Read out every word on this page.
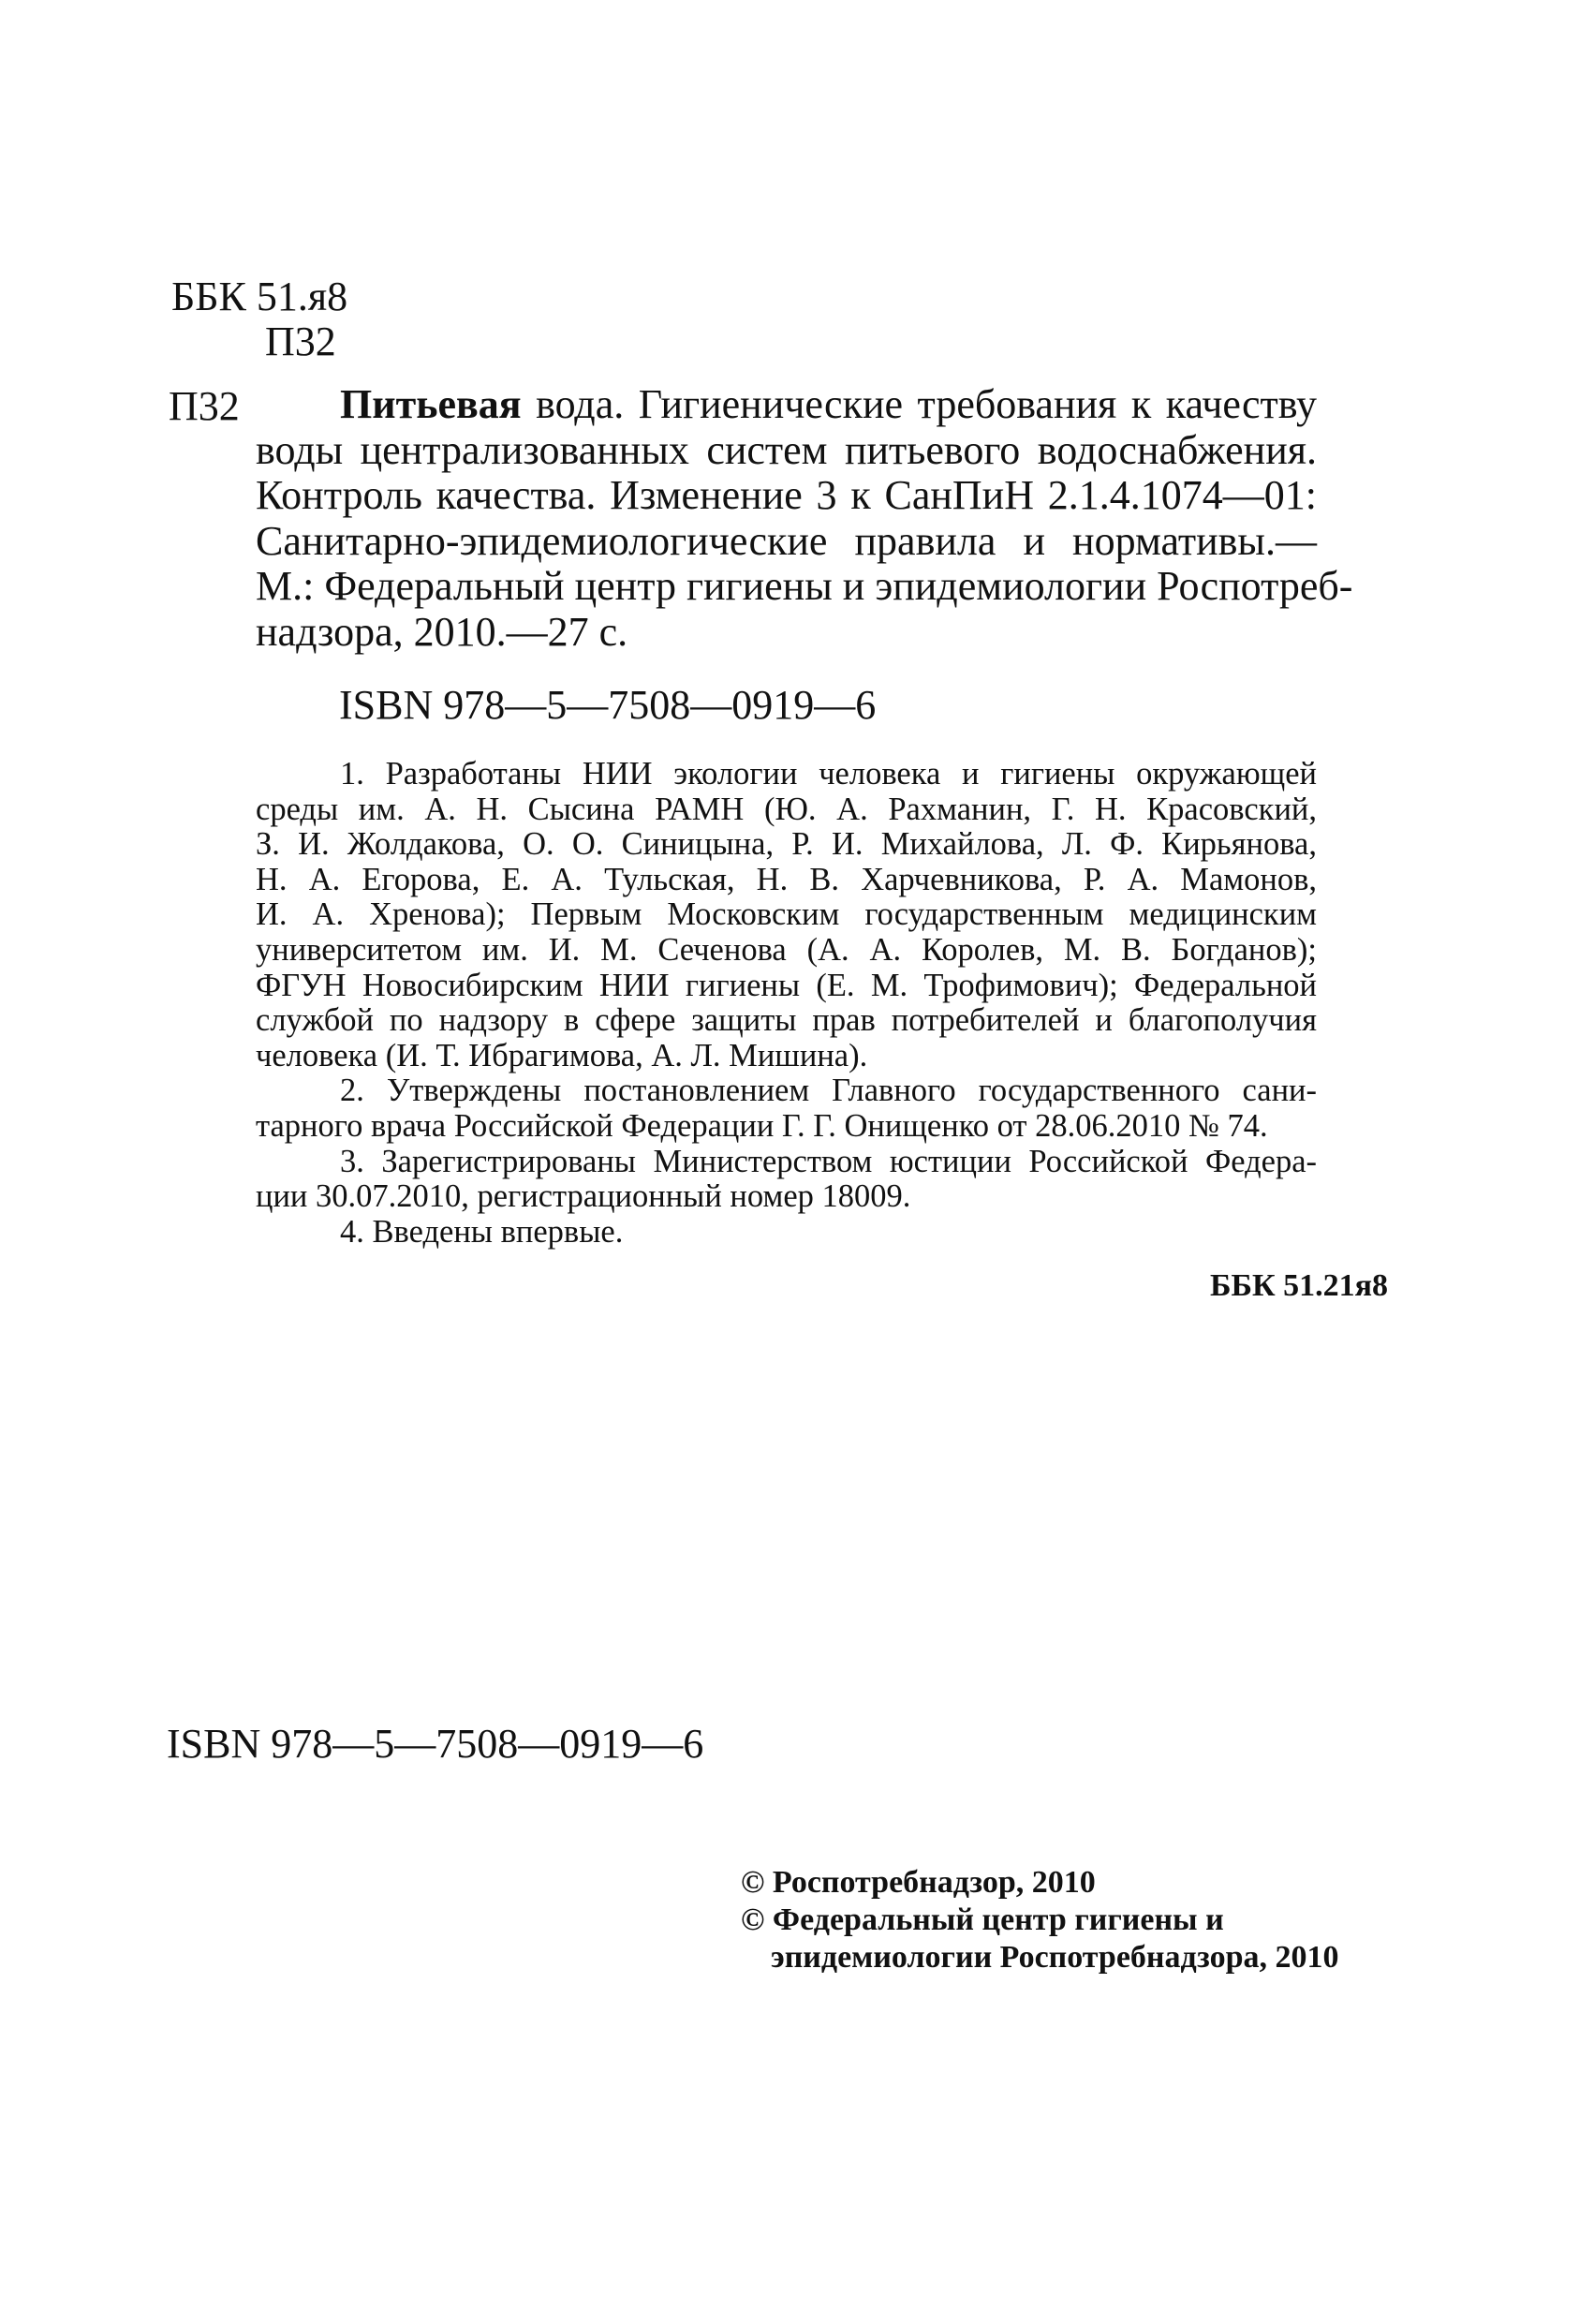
ББК 51.я8
П32
П32	Питьевая вода. Гигиенические требования к качеству
воды централизованных систем питьевого водоснабжения.
Контроль качества. Изменение 3 к СанПиН 2.1.4.1074—01:
Санитарно-эпидемиологические правила и нормативы.—
М.: Федеральный центр гигиены и эпидемиологии Роспотреб-
надзора, 2010.—27 с.
ISBN 978—5—7508—0919—6
1. Разработаны НИИ экологии человека и гигиены окружающей
среды им. А. Н. Сысина РАМН (Ю. А. Рахманин, Г. Н. Красовский,
З. И. Жолдакова, О. О. Синицына, Р. И. Михайлова, Л. Ф. Кирьянова,
Н. А. Егорова, Е. А. Тульская, Н. В. Харчевникова, Р. А. Мамонов,
И. А. Хренова); Первым Московским государственным медицинским
университетом им. И. М. Сеченова (А. А. Королев, М. В. Богданов);
ФГУН Новосибирским НИИ гигиены (Е. М. Трофимович); Федеральной
службой по надзору в сфере защиты прав потребителей и благополучия
человека (И. Т. Ибрагимова, А. Л. Мишина).
2. Утверждены постановлением Главного государственного сани-
тарного врача Российской Федерации Г. Г. Онищенко от 28.06.2010 № 74.
3. Зарегистрированы Министерством юстиции Российской Федера-
ции 30.07.2010, регистрационный номер 18009.
4. Введены впервые.
ББК 51.21я8
ISBN 978—5—7508—0919—6
© Роспотребнадзор, 2010
© Федеральный центр гигиены и
эпидемиологии Роспотребнадзора, 2010
